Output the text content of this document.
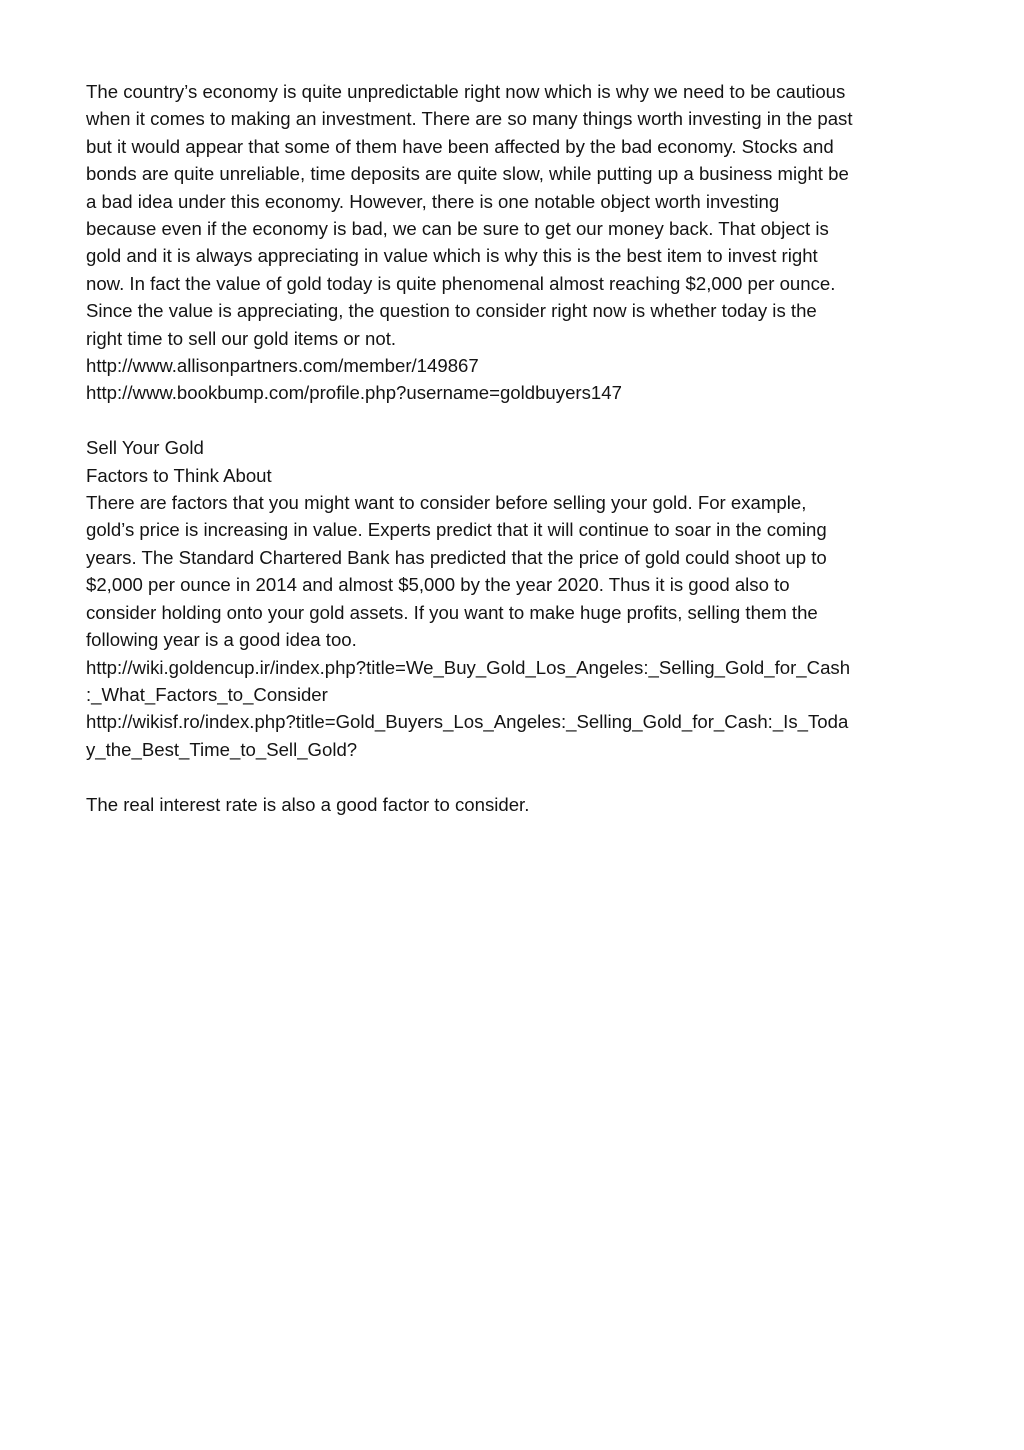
The country’s economy is quite unpredictable right now which is why we need to be cautious
when it comes to making an investment. There are so many things worth investing in the past
but it would appear that some of them have been affected by the bad economy. Stocks and
bonds are quite unreliable, time deposits are quite slow, while putting up a business might be
a bad idea under this economy. However, there is one notable object worth investing
because even if the economy is bad, we can be sure to get our money back. That object is
gold and it is always appreciating in value which is why this is the best item to invest right
now. In fact the value of gold today is quite phenomenal almost reaching $2,000 per ounce.
Since the value is appreciating, the question to consider right now is whether today is the
right time to sell our gold items or not.
http://www.allisonpartners.com/member/149867
http://www.bookbump.com/profile.php?username=goldbuyers147
Sell Your Gold
Factors to Think About
There are factors that you might want to consider before selling your gold. For example,
gold’s price is increasing in value. Experts predict that it will continue to soar in the coming
years. The Standard Chartered Bank has predicted that the price of gold could shoot up to
$2,000 per ounce in 2014 and almost $5,000 by the year 2020. Thus it is good also to
consider holding onto your gold assets. If you want to make huge profits, selling them the
following year is a good idea too.
http://wiki.goldencup.ir/index.php?title=We_Buy_Gold_Los_Angeles:_Selling_Gold_for_Cash
:_What_Factors_to_Consider
http://wikisf.ro/index.php?title=Gold_Buyers_Los_Angeles:_Selling_Gold_for_Cash:_Is_Toda
y_the_Best_Time_to_Sell_Gold?
The real interest rate is also a good factor to consider.
